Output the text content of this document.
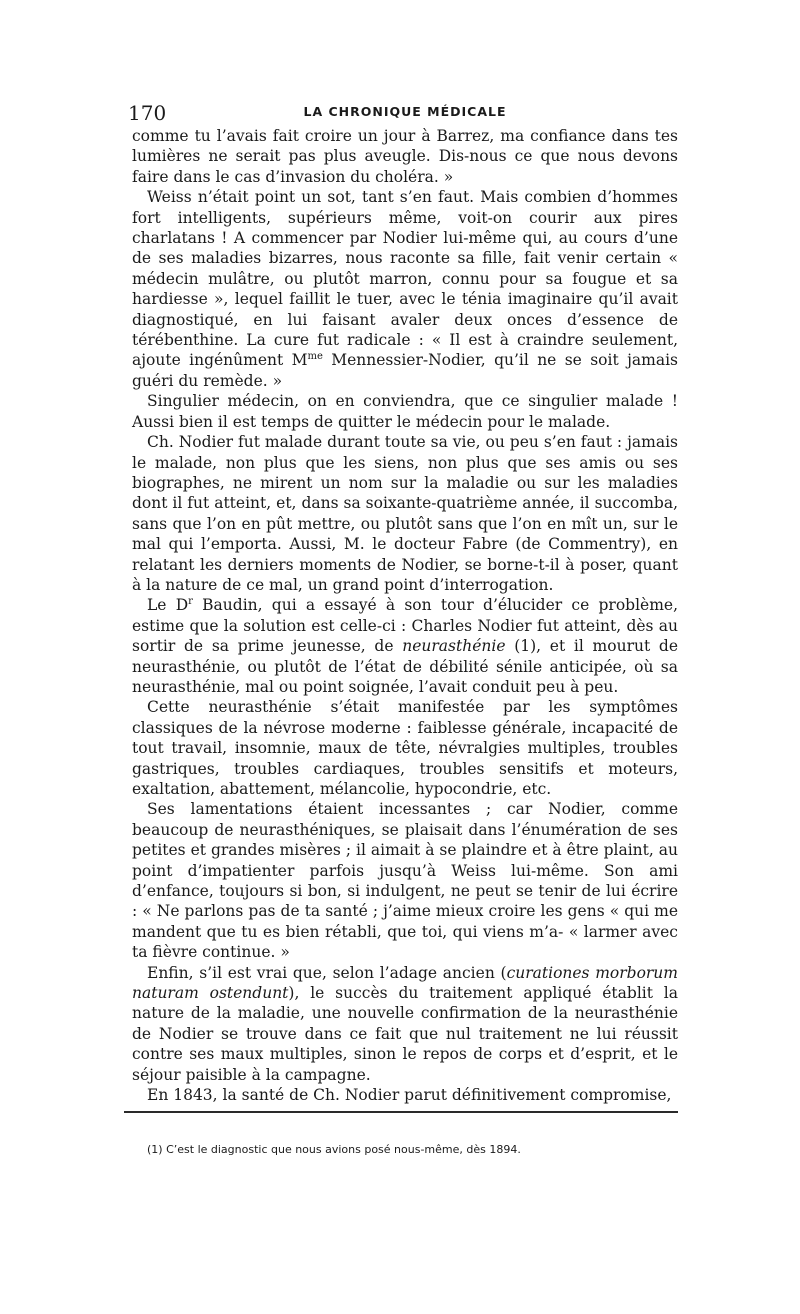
170	LA CHRONIQUE MÉDICALE

comme tu l’avais fait croire un jour à Barrez, ma confiance dans tes lumières ne serait pas plus aveugle. Dis-nous ce que nous devons faire dans le cas d’invasion du choléra. »

Weiss n’était point un sot, tant s’en faut. Mais combien d’hommes fort intelligents, supérieurs même, voit-on courir aux pires charlatans ! A commencer par Nodier lui-même qui, au cours d’une de ses maladies bizarres, nous raconte sa fille, fait venir certain « médecin mulâtre, ou plutôt marron, connu pour sa fougue et sa hardiesse », lequel faillit le tuer, avec le ténia imaginaire qu’il avait diagnostiqué, en lui faisant avaler deux onces d’essence de térébenthine. La cure fut radicale : « Il est à craindre seulement, ajoute ingénûment $M^{me}$ Mennessier-Nodier, qu’il ne se soit jamais guéri du remède. »

Singulier médecin, on en conviendra, que ce singulier malade ! Aussi bien il est temps de quitter le médecin pour le malade.

Ch. Nodier fut malade durant toute sa vie, ou peu s’en faut : jamais le malade, non plus que les siens, non plus que ses amis ou ses biographes, ne mirent un nom sur la maladie ou sur les maladies dont il fut atteint, et, dans sa soixante-quatrième année, il succomba, sans que l’on en pût mettre, ou plutôt sans que l’on en mît un, sur le mal qui l’emporta. Aussi, M. le docteur Fabre (de Commentry), en relatant les derniers moments de Nodier, se borne-t-il à poser, quant à la nature de ce mal, un grand point d’interrogation.

Le $D^r$ Baudin, qui a essayé à son tour d’élucider ce problème, estime que la solution est celle-ci : Charles Nodier fut atteint, dès au sortir de sa prime jeunesse, de neurasthénie (1), et il mourut de neurasthénie, ou plutôt de l’état de débilité sénile anticipée, où sa neurasthénie, mal ou point soignée, l’avait conduit peu à peu.

Cette neurasthénie s’était manifestée par les symptômes classiques de la névrose moderne : faiblesse générale, incapacité de tout travail, insomnie, maux de tête, névralgies multiples, troubles gastriques, troubles cardiaques, troubles sensitifs et moteurs, exaltation, abattement, mélancolie, hypocondrie, etc.

Ses lamentations étaient incessantes ; car Nodier, comme beaucoup de neurasthéniques, se plaisait dans l’énumération de ses petites et grandes misères ; il aimait à se plaindre et à être plaint, au point d’impatienter parfois jusqu’à Weiss lui-même. Son ami d’enfance, toujours si bon, si indulgent, ne peut se tenir de lui écrire : « Ne parlons pas de ta santé ; j’aime mieux croire les gens « qui me mandent que tu es bien rétabli, que toi, qui viens m’a- « larmer avec ta fièvre continue. »

Enfin, s’il est vrai que, selon l’adage ancien (curationes morborum naturam ostendunt), le succès du traitement appliqué établit la nature de la maladie, une nouvelle confirmation de la neurasthénie de Nodier se trouve dans ce fait que nul traitement ne lui réussit contre ses maux multiples, sinon le repos de corps et d’esprit, et le séjour paisible à la campagne.

En 1843, la santé de Ch. Nodier parut définitivement compromise,

(1) C’est le diagnostic que nous avions posé nous-même, dès 1894.
